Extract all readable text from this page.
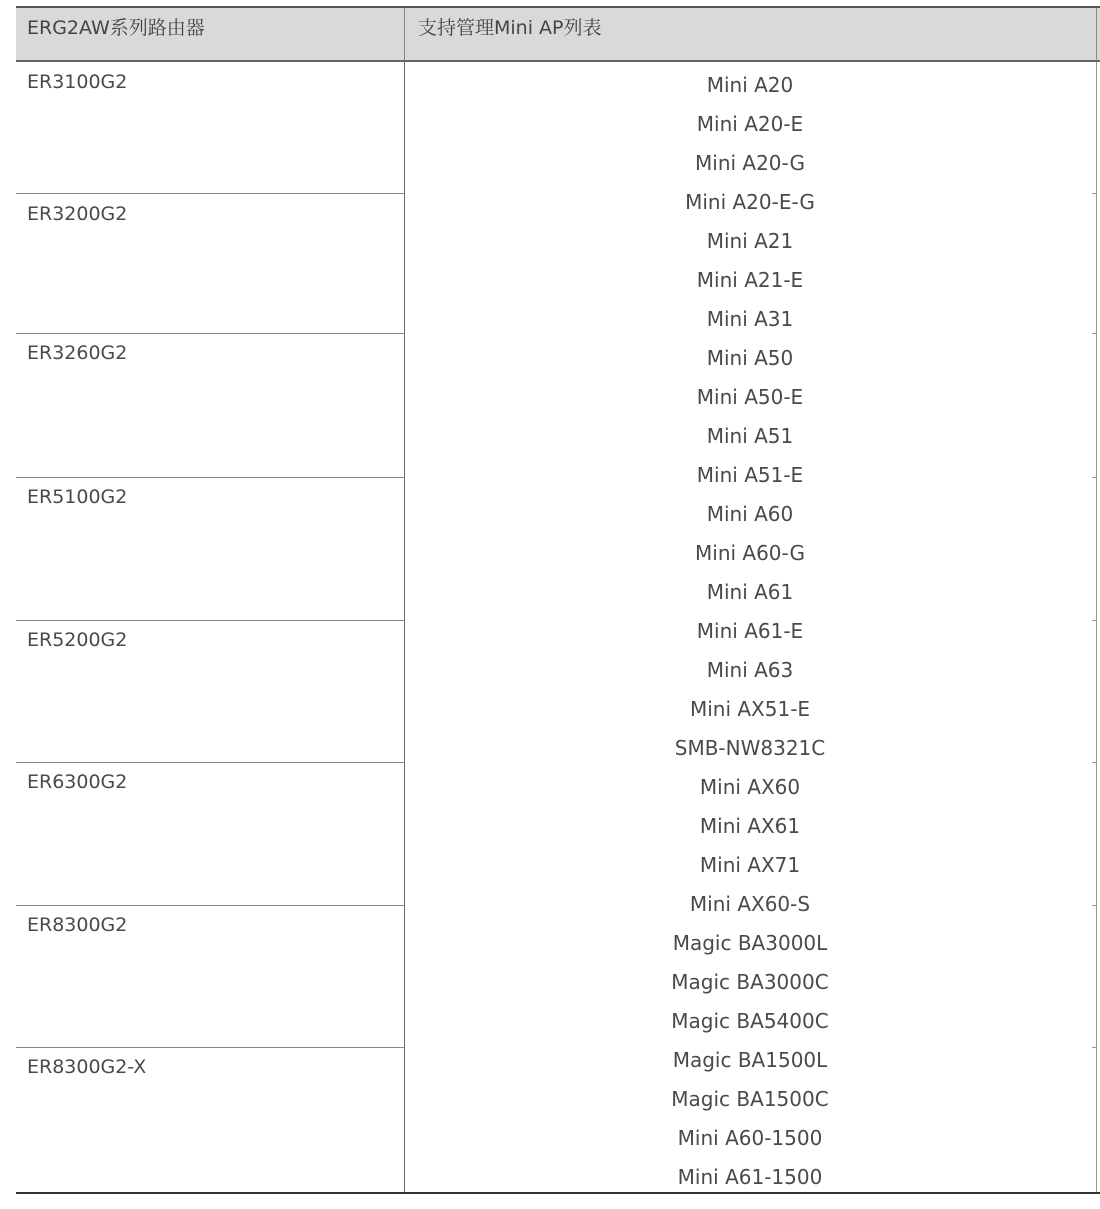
ERG2AW系列路由器	支持管理Mini AP列表
ER3100G2
ER3200G2
ER3260G2
ER5100G2
ER5200G2
ER6300G2
ER8300G2
ER8300G2-X
Mini A20
Mini A20-E
Mini A20-G
Mini A20-E-G
Mini A21
Mini A21-E
Mini A31
Mini A50
Mini A50-E
Mini A51
Mini A51-E
Mini A60
Mini A60-G
Mini A61
Mini A61-E
Mini A63
Mini AX51-E
SMB-NW8321C
Mini AX60
Mini AX61
Mini AX71
Mini AX60-S
Magic BA3000L
Magic BA3000C
Magic BA5400C
Magic BA1500L
Magic BA1500C
Mini A60-1500
Mini A61-1500
